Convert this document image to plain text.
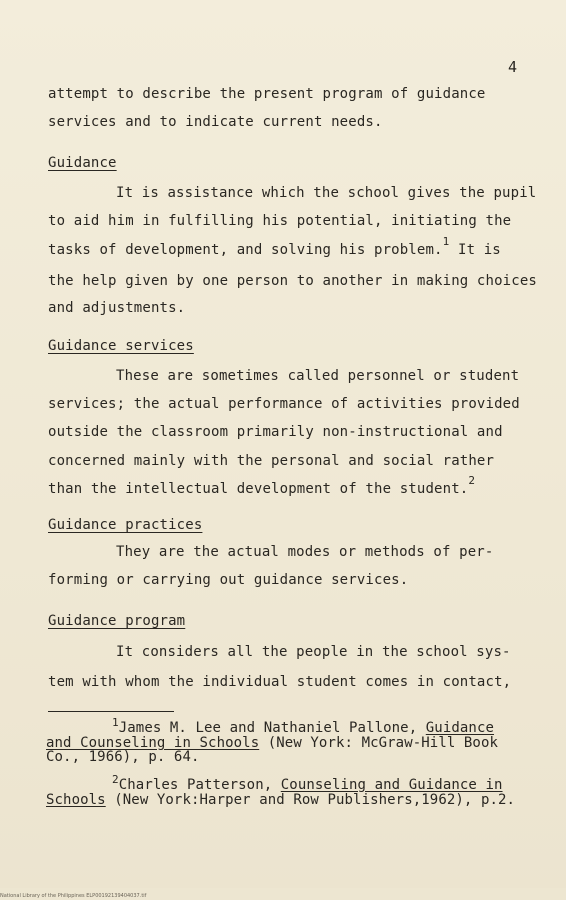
4
attempt to describe the present program of guidance
services and to indicate current needs.
Guidance
It is assistance which the school gives the pupil
to aid him in fulfilling his potential, initiating the
tasks of development, and solving his problem.$^1$ It is
the help given by one person to another in making choices
and adjustments.
Guidance services
These are sometimes called personnel or student
services; the actual performance of activities provided
outside the classroom primarily non-instructional and
concerned mainly with the personal and social rather
than the intellectual development of the student.$^2$
Guidance practices
They are the actual modes or methods of per-
forming or carrying out guidance services.
Guidance program
It considers all the people in the school sys-
tem with whom the individual student comes in contact,
$^1$James M. Lee and Nathaniel Pallone, Guidance
and Counseling in Schools (New York: McGraw-Hill Book
Co., 1966), p. 64.
$^2$Charles Patterson, Counseling and Guidance in
Schools (New York:Harper and Row Publishers,1962), p.2.
National Library of the Philippines ELP00192139404037.tif
